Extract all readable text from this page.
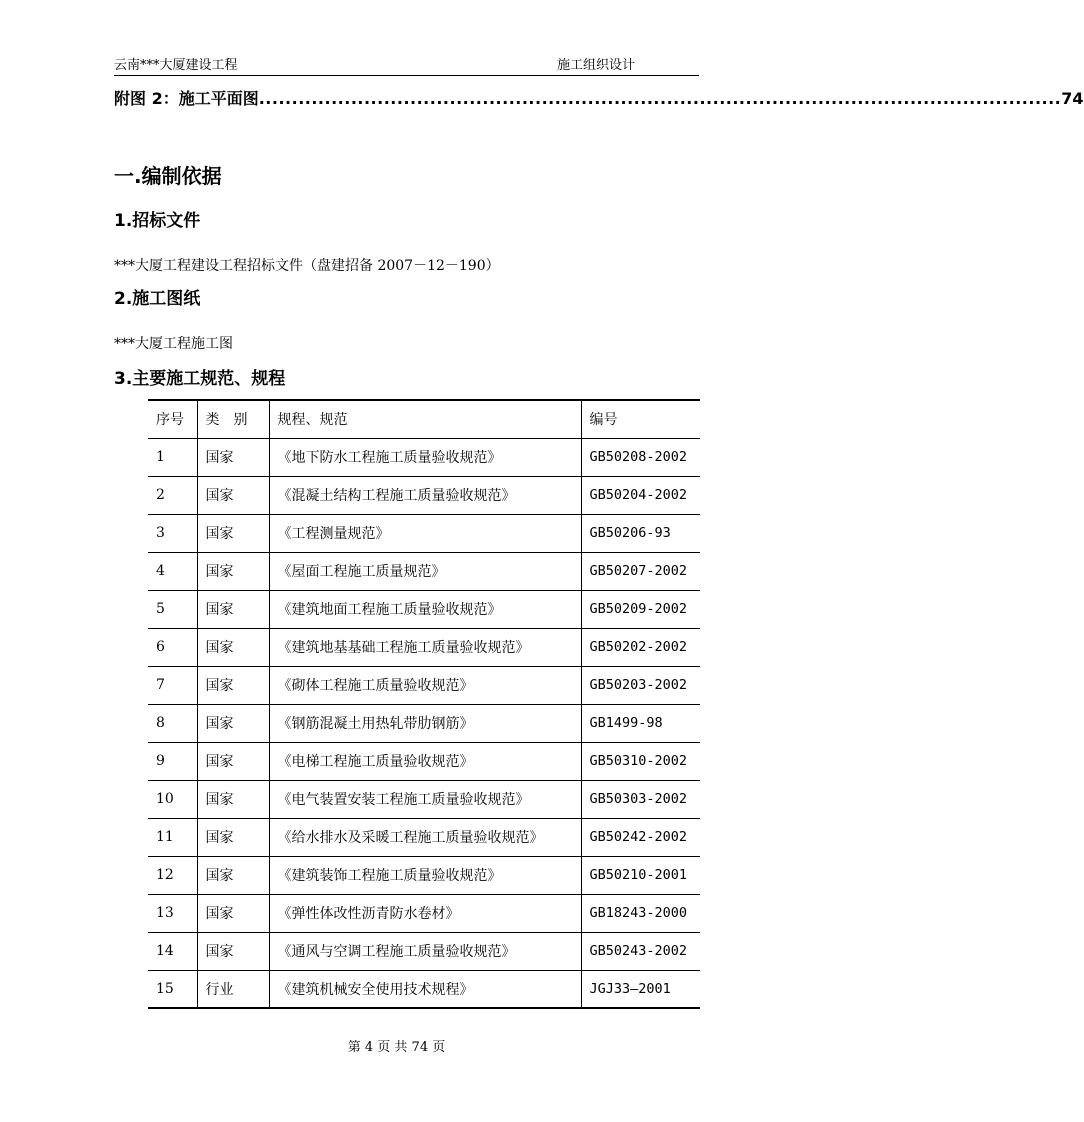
云南***大厦建设工程	施工组织设计
附图 2：施工平面图 .......................................................................................................................... 74
一.编制依据
1.招标文件
***大厦工程建设工程招标文件（盘建招备 2007－12－190）
2.施工图纸
***大厦工程施工图
3.主要施工规范、规程
序号	类　别	规程、规范	编号
1	国家	《地下防水工程施工质量验收规范》	GB50208-2002
2	国家	《混凝土结构工程施工质量验收规范》	GB50204-2002
3	国家	《工程测量规范》	GB50206-93
4	国家	《屋面工程施工质量规范》	GB50207-2002
5	国家	《建筑地面工程施工质量验收规范》	GB50209-2002
6	国家	《建筑地基基础工程施工质量验收规范》	GB50202-2002
7	国家	《砌体工程施工质量验收规范》	GB50203-2002
8	国家	《钢筋混凝土用热轧带肋钢筋》	GB1499-98
9	国家	《电梯工程施工质量验收规范》	GB50310-2002
10	国家	《电气装置安装工程施工质量验收规范》	GB50303-2002
11	国家	《给水排水及采暖工程施工质量验收规范》	GB50242-2002
12	国家	《建筑装饰工程施工质量验收规范》	GB50210-2001
13	国家	《弹性体改性沥青防水卷材》	GB18243-2000
14	国家	《通风与空调工程施工质量验收规范》	GB50243-2002
15	行业	《建筑机械安全使用技术规程》	JGJ33—2001
第 4 页 共 74 页
